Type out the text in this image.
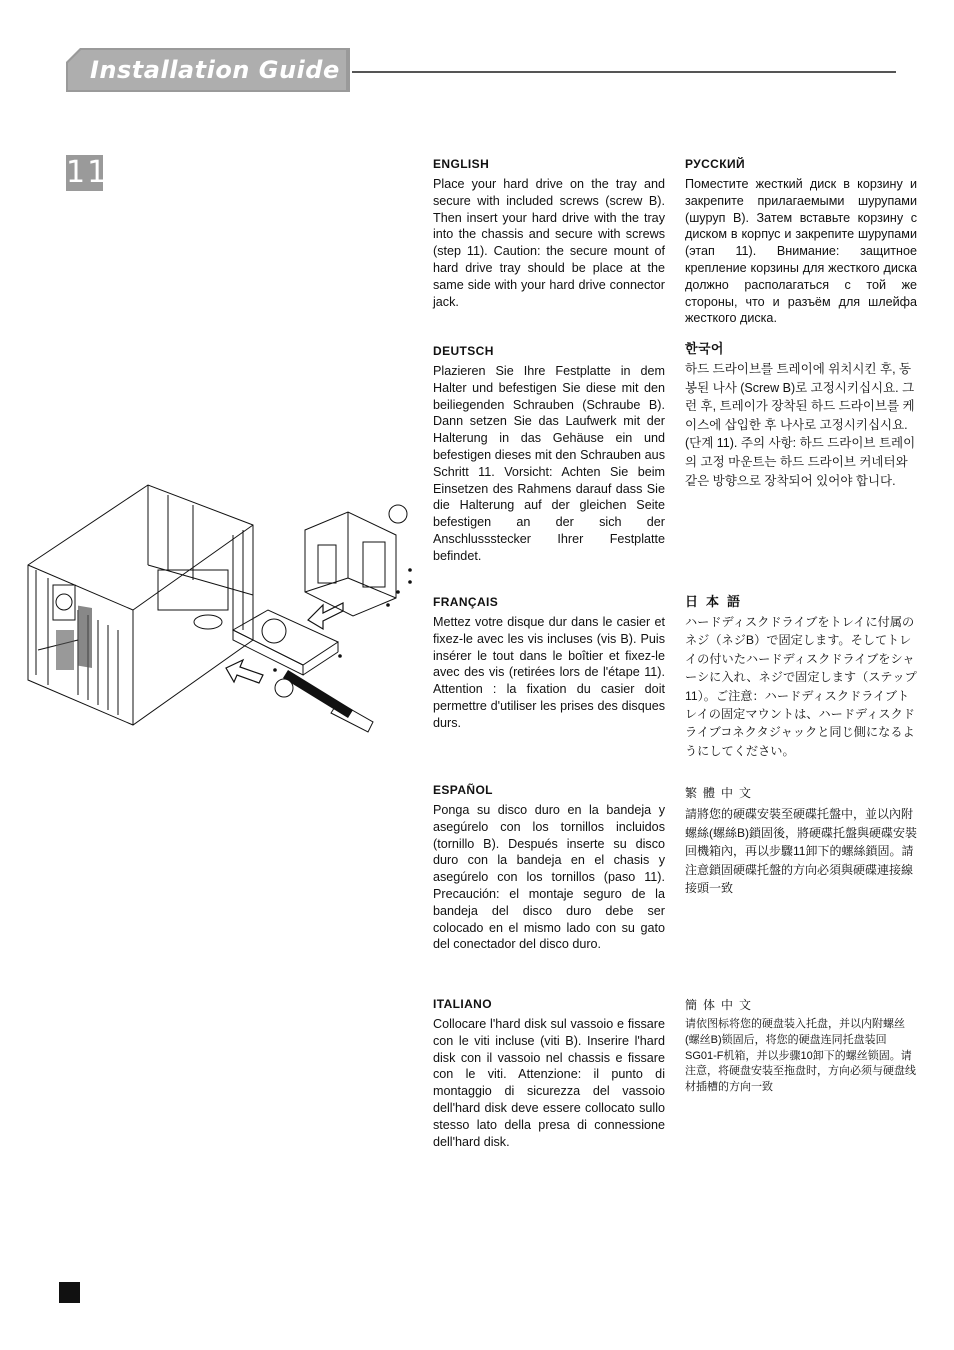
Installation Guide
11	ENGLISH
Place your hard drive on the tray and secure with included screws (screw B). Then insert your hard drive with the tray into the chassis and secure with screws (step 11). Caution: the secure mount of hard drive tray should be place at the same side with your hard drive connector jack.
DEUTSCH
Plazieren Sie Ihre Festplatte in dem Halter und befestigen Sie diese mit den beiliegenden Schrauben (Schraube B). Dann setzen Sie das Laufwerk mit der Halterung in das Gehäuse ein und befestigen dieses mit den Schrauben aus Schritt 11. Vorsicht: Achten Sie beim Einsetzen des Rahmens darauf dass Sie die Halterung auf der gleichen Seite befestigen an der sich der Anschlussstecker Ihrer Festplatte befindet.
FRANÇAIS
Mettez votre disque dur dans le casier et fixez-le avec les vis incluses (vis B). Puis insérer le tout dans le boîtier et fixez-le avec des vis (retirées lors de l'étape 11). Attention : la fixation du casier doit permettre d'utiliser les prises des disques durs.
ESPAÑOL
Ponga su disco duro en la bandeja y asegúrelo con los tornillos incluidos (tornillo B). Después inserte su disco duro con la bandeja en el chasis y asegúrelo con los tornillos (paso 11). Precaución: el montaje seguro de la bandeja del disco duro debe ser colocado en el mismo lado con su gato del conectador del disco duro.
ITALIANO
Collocare l'hard disk sul vassoio e fissare con le viti incluse (viti B). Inserire l'hard disk con il vassoio nel chassis e fissare con le viti. Attenzione: il punto di montaggio di sicurezza del vassoio dell'hard disk deve essere collocato sullo stesso lato della presa di connessione dell'hard disk.
РУССКИЙ
Поместите жесткий диск в корзину и закрепите прилагаемыми шурупами (шуруп B). Затем вставьте корзину с диском в корпус и закрепите шурупами (этап 11). Внимание: защитное крепление корзины для жесткого диска должно располагаться с той же стороны, что и разъём для шлейфа жесткого диска.
한국어
하드 드라이브를 트레이에 위치시킨 후, 동봉된 나사 (Screw B)로 고정시키십시요. 그런 후, 트레이가 장착된 하드 드라이브를 케이스에 삽입한 후 나사로 고정시키십시요. (단계 11). 주의 사항: 하드 드라이브 트레이의 고정 마운트는 하드 드라이브 커네터와 같은 방향으로 장착되어 있어야 합니다.
日本語
ハードディスクドライブをトレイに付属のネジ（ネジB）で固定します。そしてトレイの付いたハードディスクドライブをシャーシに入れ、ネジで固定します（ステップ11）。ご注意：ハードディスクドライブトレイの固定マウントは、ハードディスクドライブコネクタジャックと同じ側になるようにしてください。
繁體中文
請將您的硬碟安裝至硬碟托盤中，並以內附螺絲(螺絲B)鎖固後，將硬碟托盤與硬碟安裝回機箱內，再以步驟11卸下的螺絲鎖固。請注意鎖固硬碟托盤的方向必須與硬碟連接線接頭一致
簡体中文
请依图标将您的硬盘装入托盘，并以内附螺丝(螺丝B)锁固后，将您的硬盘连同托盘装回SG01-F机箱，并以步骤10卸下的螺丝锁固。请注意，将硬盘安装至拖盘时，方向必须与硬盘线材插槽的方向一致
